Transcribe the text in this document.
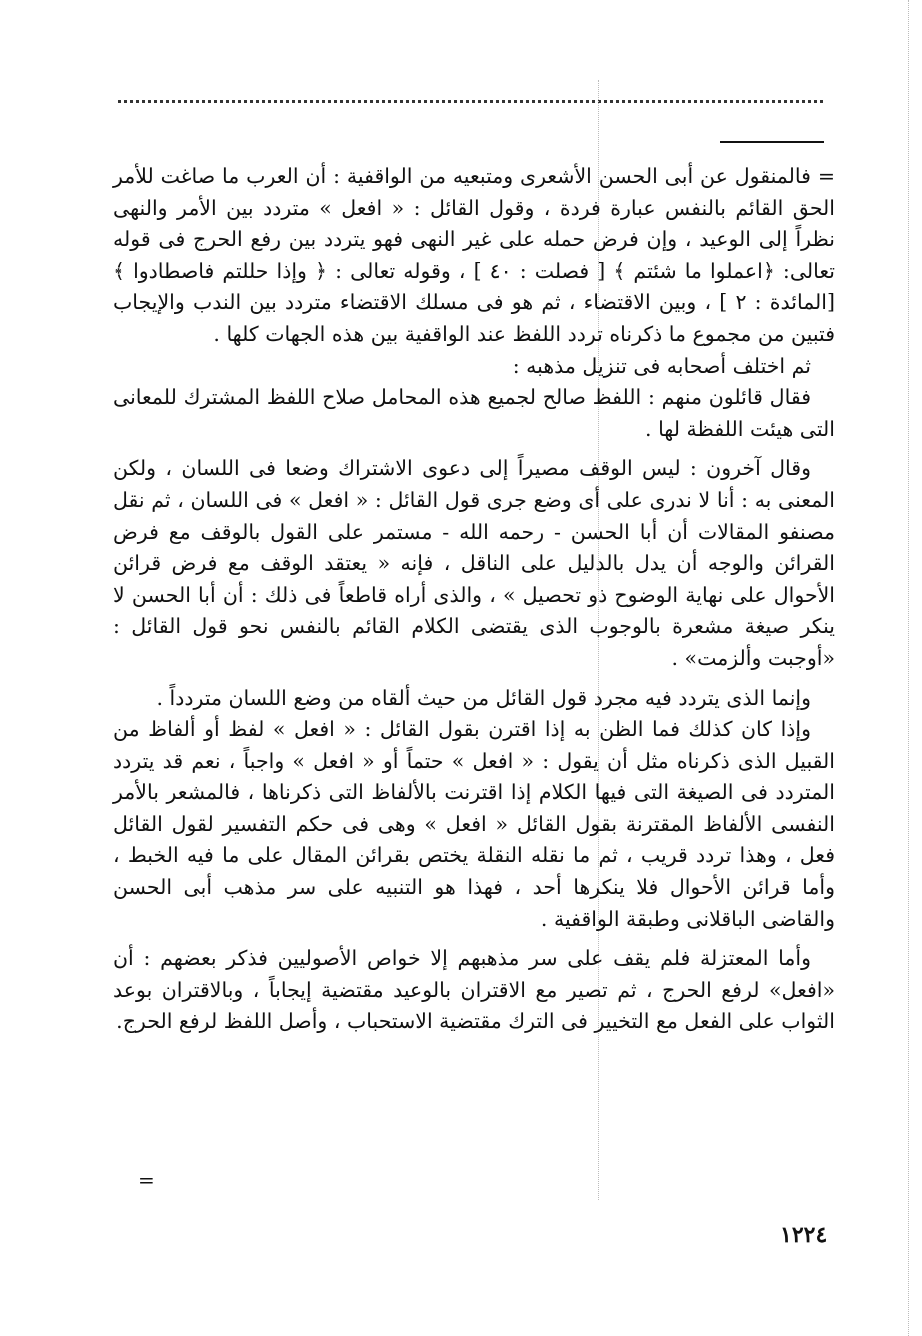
= فالمنقول عن أبى الحسن الأشعرى ومتبعيه من الواقفية : أن العرب ما صاغت للأمر الحق القائم بالنفس عبارة فردة ، وقول القائل : « افعل » متردد بين الأمر والنهى نظراً إلى الوعيد ، وإن فرض حمله على غير النهى فهو يتردد بين رفع الحرج فى قوله تعالى: ﴿اعملوا ما شئتم ﴾ [ فصلت : ٤٠ ] ، وقوله تعالى : ﴿ وإذا حللتم فاصطادوا ﴾ [المائدة : ٢ ] ، وبين الاقتضاء ، ثم هو فى مسلك الاقتضاء متردد بين الندب والإيجاب فتبين من مجموع ما ذكرناه تردد اللفظ عند الواقفية بين هذه الجهات كلها .

ثم اختلف أصحابه فى تنزيل مذهبه :

فقال قائلون منهم : اللفظ صالح لجميع هذه المحامل صلاح اللفظ المشترك للمعانى التى هيئت اللفظة لها .

وقال آخرون : ليس الوقف مصيراً إلى دعوى الاشتراك وضعا فى اللسان ، ولكن المعنى به : أنا لا ندرى على أى وضع جرى قول القائل : « افعل » فى اللسان ، ثم نقل مصنفو المقالات أن أبا الحسن - رحمه الله - مستمر على القول بالوقف مع فرض القرائن والوجه أن يدل بالدليل على الناقل ، فإنه « يعتقد الوقف مع فرض قرائن الأحوال على نهاية الوضوح ذو تحصيل » ، والذى أراه قاطعاً فى ذلك : أن أبا الحسن لا ينكر صيغة مشعرة بالوجوب الذى يقتضى الكلام القائم بالنفس نحو قول القائل : «أوجبت وألزمت» .

وإنما الذى يتردد فيه مجرد قول القائل من حيث ألقاه من وضع اللسان متردداً .

وإذا كان كذلك فما الظن به إذا اقترن بقول القائل : « افعل » لفظ أو ألفاظ من القبيل الذى ذكرناه مثل أن يقول : « افعل » حتماً أو « افعل » واجباً ، نعم قد يتردد المتردد فى الصيغة التى فيها الكلام إذا اقترنت بالألفاظ التى ذكرناها ، فالمشعر بالأمر النفسى الألفاظ المقترنة بقول القائل « افعل » وهى فى حكم التفسير لقول القائل فعل ، وهذا تردد قريب ، ثم ما نقله النقلة يختص بقرائن المقال على ما فيه الخبط ، وأما قرائن الأحوال فلا ينكرها أحد ، فهذا هو التنبيه على سر مذهب أبى الحسن والقاضى الباقلانى وطبقة الواقفية .

وأما المعتزلة فلم يقف على سر مذهبهم إلا خواص الأصوليين فذكر بعضهم : أن «افعل» لرفع الحرج ، ثم تصير مع الاقتران بالوعيد مقتضية إيجاباً ، وبالاقتران بوعد الثواب على الفعل مع التخيير فى الترك مقتضية الاستحباب ، وأصل اللفظ لرفع الحرج.

=
١٢٢٤
